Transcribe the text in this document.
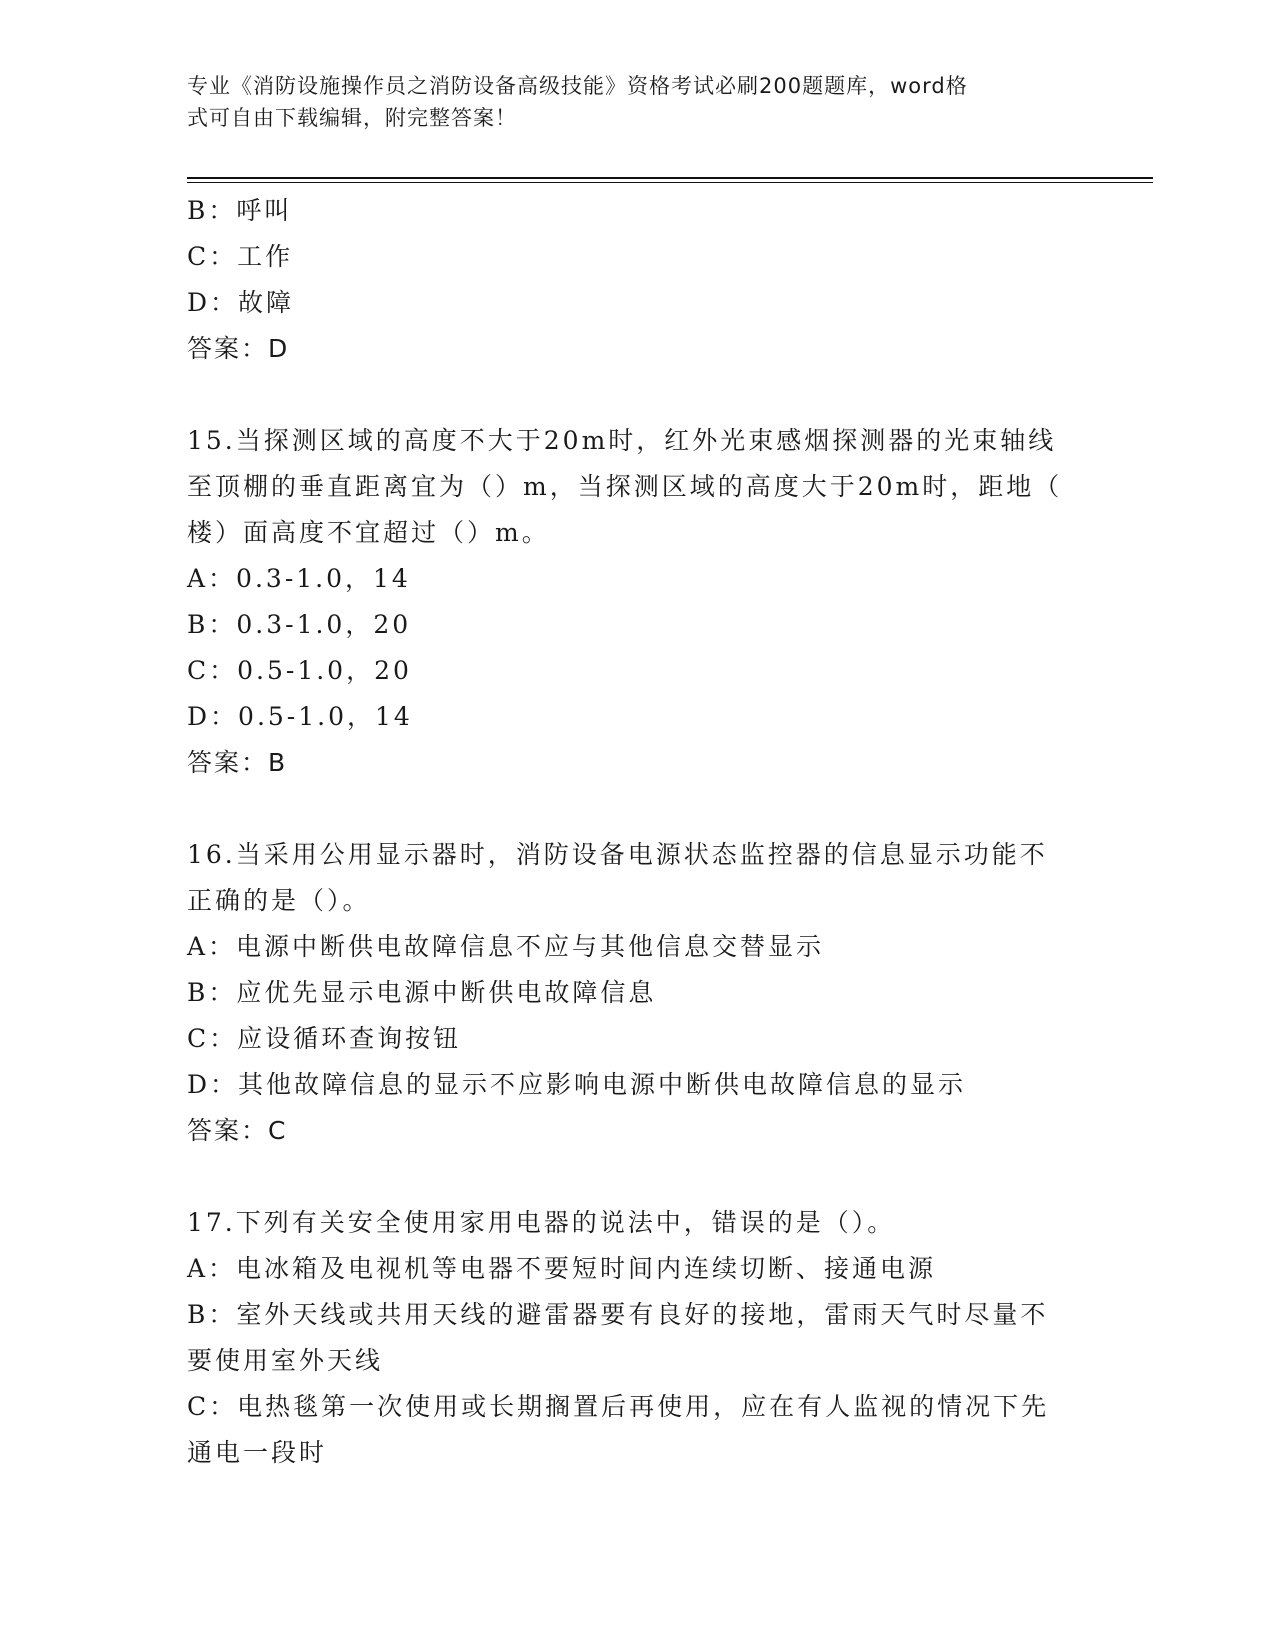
专业《消防设施操作员之消防设备高级技能》资格考试必刷200题题库，word格
式可自由下载编辑，附完整答案！
B：呼叫
C：工作
D：故障
答案：D
15.当探测区域的高度不大于20m时，红外光束感烟探测器的光束轴线
至顶棚的垂直距离宜为（）m，当探测区域的高度大于20m时，距地（
楼）面高度不宜超过（）m。
A：0.3-1.0，14
B：0.3-1.0，20
C：0.5-1.0，20
D：0.5-1.0，14
答案：B
16.当采用公用显示器时，消防设备电源状态监控器的信息显示功能不
正确的是（）。
A：电源中断供电故障信息不应与其他信息交替显示
B：应优先显示电源中断供电故障信息
C：应设循环查询按钮
D：其他故障信息的显示不应影响电源中断供电故障信息的显示
答案：C
17.下列有关安全使用家用电器的说法中，错误的是（）。
A：电冰箱及电视机等电器不要短时间内连续切断、接通电源
B：室外天线或共用天线的避雷器要有良好的接地，雷雨天气时尽量不
要使用室外天线
C：电热毯第一次使用或长期搁置后再使用，应在有人监视的情况下先
通电一段时
